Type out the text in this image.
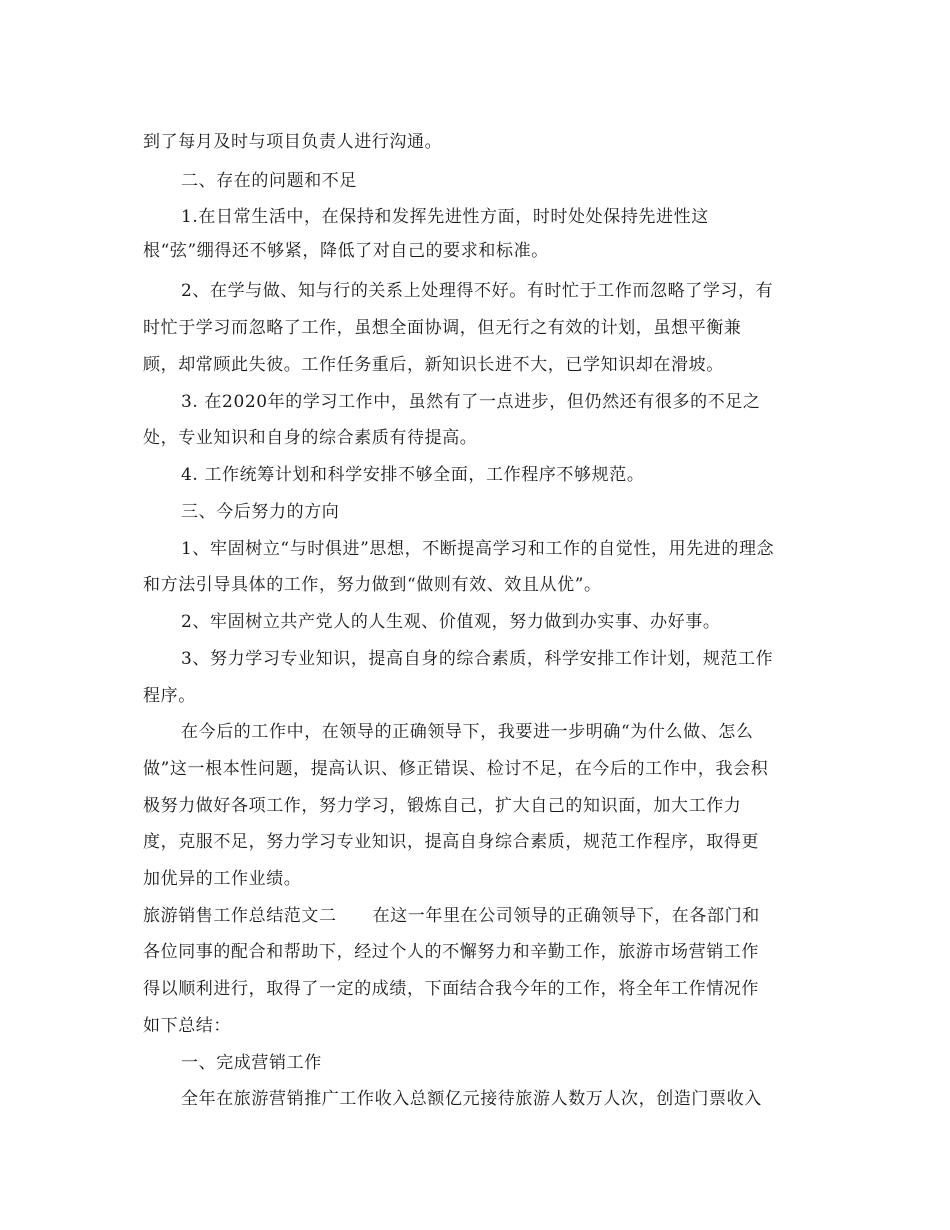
到了每月及时与项目负责人进行沟通。
二、存在的问题和不足
1.在日常生活中，在保持和发挥先进性方面，时时处处保持先进性这
根“弦”绷得还不够紧，降低了对自己的要求和标准。
2、在学与做、知与行的关系上处理得不好。有时忙于工作而忽略了学习，有
时忙于学习而忽略了工作，虽想全面协调，但无行之有效的计划，虽想平衡兼
顾，却常顾此失彼。工作任务重后，新知识长进不大，已学知识却在滑坡。
3. 在2020年的学习工作中，虽然有了一点进步，但仍然还有很多的不足之
处，专业知识和自身的综合素质有待提高。
4. 工作统筹计划和科学安排不够全面，工作程序不够规范。
三、今后努力的方向
1、牢固树立“与时俱进”思想，不断提高学习和工作的自觉性，用先进的理念
和方法引导具体的工作，努力做到“做则有效、效且从优”。
2、牢固树立共产党人的人生观、价值观，努力做到办实事、办好事。
3、努力学习专业知识，提高自身的综合素质，科学安排工作计划，规范工作
程序。
在今后的工作中，在领导的正确领导下，我要进一步明确“为什么做、怎么
做”这一根本性问题，提高认识、修正错误、检讨不足，在今后的工作中，我会积
极努力做好各项工作，努力学习，锻炼自己，扩大自己的知识面，加大工作力
度，克服不足，努力学习专业知识，提高自身综合素质，规范工作程序，取得更
加优异的工作业绩。
旅游销售工作总结范文二 在这一年里在公司领导的正确领导下，在各部门和
各位同事的配合和帮助下，经过个人的不懈努力和辛勤工作，旅游市场营销工作
得以顺利进行，取得了一定的成绩，下面结合我今年的工作，将全年工作情况作
如下总结：
一、完成营销工作
全年在旅游营销推广工作收入总额亿元接待旅游人数万人次，创造门票收入
